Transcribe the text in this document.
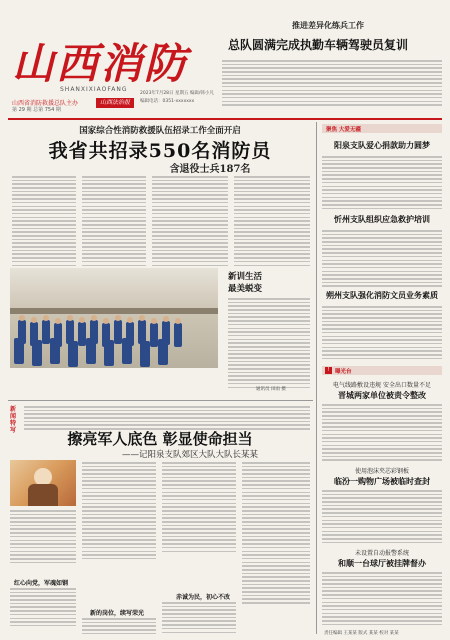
山西消防
SHANXIXIAOFANG
山西省消防救援总队主办
第 29 期 总第 754 期
山西法治报
2023年7月28日 星期五 编辑/韩小凡
编辑电话：0351-xxxxxxx
推进差异化练兵工作
总队圆满完成执勤车辆驾驶员复训
国家综合性消防救援队伍招录工作全面开启
我省共招录550名消防员
含退役士兵187名
新训生活
最美蜕变
通讯员 田雨 摄
新闻特写	擦亮军人底色 彰显使命担当
——记阳泉支队郊区大队大队长某某
红心向党，军魂如钢
新的岗位，续写荣光
赤诚为民，初心不改
聚焦 大爱无疆
阳泉支队爱心捐款助力圆梦
忻州支队组织应急救护培训
朔州支队强化消防文员业务素质
!	曝光台
电气线路敷设违规 安全出口数量不足
晋城两家单位被责令整改
使用泡沫夹芯彩钢板
临汾一购物广场被临时查封
未设置自动报警系统
和顺一台球厅被挂牌督办
责任编辑 王某某 版式 某某 校对 某某
